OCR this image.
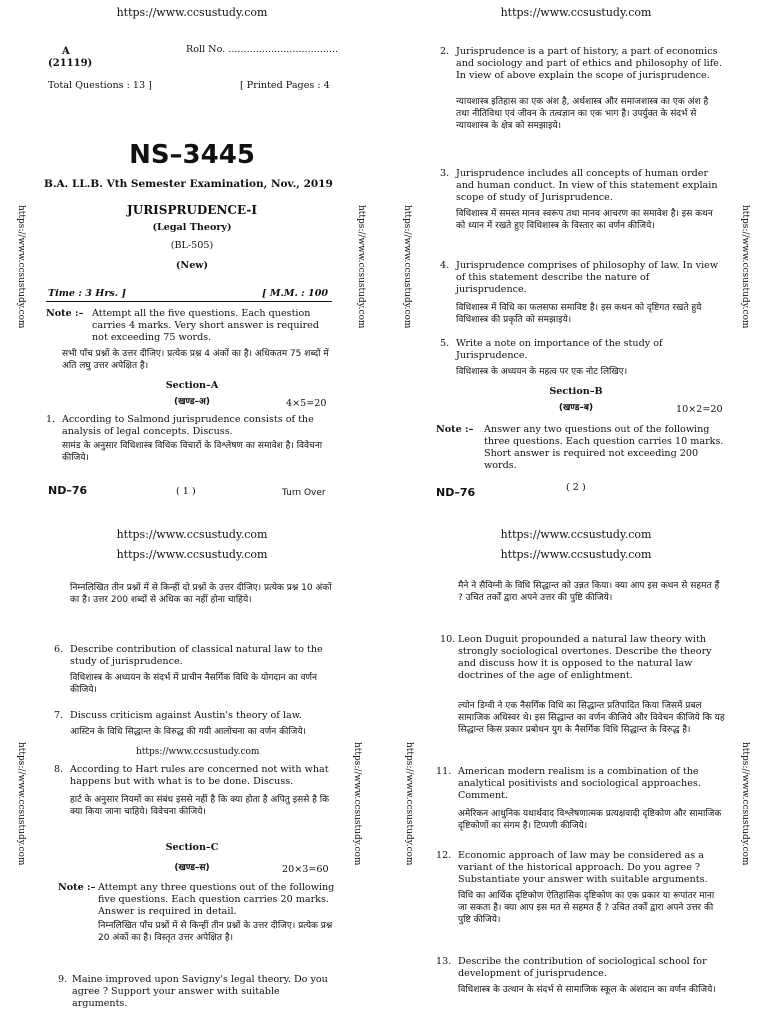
https://www.ccsustudy.com
https://www.ccsustudy.com	https://www.ccsustudy.com
A
(21119)
Roll No. ....................................
Total Questions : 13 ]	[ Printed Pages : 4
NS–3445
B.A. LL.B. Vth Semester Examination, Nov., 2019
JURISPRUDENCE-I
(Legal Theory)
(BL-505)
(New)
Time : 3 Hrs. ]	[ M.M. : 100
Note :– Attempt all the five questions. Each question carries 4 marks. Very short answer is required not exceeding 75 words.
सभी पाँच प्रश्नों के उत्तर दीजिए। प्रत्येक प्रश्न 4 अंकों का है। अधिकतम 75 शब्दों में अति लघु उत्तर अपेक्षित है।
Section–A
(खण्ड–अ)	4×5=20
1. According to Salmond jurisprudence consists of the analysis of legal concepts. Discuss.
सामंड के अनुसार विधिशास्त्र विधिक विचारों के विश्लेषण का समावेश है। विवेचना कीजिये।
ND–76	( 1 )	Turn Over
https://www.ccsustudy.com
https://www.ccsustudy.com	https://www.ccsustudy.com
2. Jurisprudence is a part of history, a part of economics and sociology and part of ethics and philosophy of life. In view of above explain the scope of jurisprudence.
न्यायशास्त्र इतिहास का एक अंश है, अर्थशास्त्र और समाजशास्त्र का एक अंश है तथा नीतिविधा एवं जीवन के तत्वज्ञान का एक भाग है। उपर्युक्त के संदर्भ से न्यायशास्त्र के क्षेत्र को समझाइये।
3. Jurisprudence includes all concepts of human order and human conduct. In view of this statement explain scope of study of Jurisprudence.
विधिशास्त्र में समस्त मानव स्वरूप तथा मानव आचरण का समावेश है। इस कथन को ध्यान में रखते हुए विधिशास्त्र के विस्तार का वर्णन कीजिये।
4. Jurisprudence comprises of philosophy of law. In view of this statement describe the nature of jurisprudence.
विधिशास्त्र में विधि का फलसफा समाविष्ट है। इस कथन को दृष्टिगत रखते हुये विधिशास्त्र की प्रकृति को समझाइये।
5. Write a note on importance of the study of Jurisprudence.
विधिशास्त्र के अध्ययन के महत्व पर एक नोट लिखिए।
Section–B
(खण्ड–ब)	10×2=20
Note :– Answer any two questions out of the following three questions. Each question carries 10 marks. Short answer is required not exceeding 200 words.
ND–76	( 2 )
https://www.ccsustudy.com
https://www.ccsustudy.com
https://www.ccsustudy.com	https://www.ccsustudy.com
निम्नलिखित तीन प्रश्नों में से किन्हीं दो प्रश्नों के उत्तर दीजिए। प्रत्येक प्रश्न 10 अंकों का है। उत्तर 200 शब्दों से अधिक का नहीं होना चाहिये।
6. Describe contribution of classical natural law to the study of jurisprudence.
विधिशास्त्र के अध्ययन के संदर्भ में प्राचीन नैसर्गिक विधि के योगदान का वर्णन कीजिये।
7. Discuss criticism against Austin's theory of law.
आस्टिन के विधि सिद्धान्त के विरुद्ध की गयी आलोचना का वर्णन कीजिये।
https://www.ccsustudy.com
8. According to Hart rules are concerned not with what happens but with what is to be done. Discuss.
हार्ट के अनुसार नियमों का संबंध इससे नहीं है कि क्या होता है अपितु इससे है कि क्या किया जाना चाहिये। विवेचना कीजिये।
Section–C
(खण्ड–स)	20×3=60
Note :– Attempt any three questions out of the following five questions. Each question carries 20 marks. Answer is required in detail.
निम्नलिखित पाँच प्रश्नों में से किन्हीं तीन प्रश्नों के उत्तर दीजिए। प्रत्येक प्रश्न 20 अंकों का है। विस्तृत उत्तर अपेक्षित है।
9. Maine improved upon Savigny's legal theory. Do you agree ? Support your answer with suitable arguments.
https://www.ccsustudy.com
https://www.ccsustudy.com
https://www.ccsustudy.com	https://www.ccsustudy.com
मैने ने सैविग्नी के विधि सिद्धान्त को उन्नत किया। क्या आप इस कथन से सहमत हैं ? उचित तर्कों द्वारा अपने उत्तर की पुष्टि कीजिये।
10. Leon Duguit propounded a natural law theory with strongly sociological overtones. Describe the theory and discuss how it is opposed to the natural law doctrines of the age of enlightment.
ल्योन डिग्वी ने एक नैसर्गिक विधि का सिद्धान्त प्रतिपादित किया जिसमें प्रबल सामाजिक अधिस्वर थे। इस सिद्धान्त का वर्णन कीजिये और विवेचन कीजिये कि यह सिद्धान्त किस प्रकार प्रबोधन युग के नैसर्गिक विधि सिद्धान्त के विरुद्ध है।
11. American modern realism is a combination of the analytical positivists and sociological approaches. Comment.
अमेरिकन आधुनिक यथार्थवाद विश्लेषणात्मक प्रत्यक्षवादी दृष्टिकोण और सामाजिक दृष्टिकोणों का संगम है। टिप्पणी कीजिये।
12. Economic approach of law may be considered as a variant of the historical approach. Do you agree ? Substantiate your answer with suitable arguments.
विधि का आर्थिक दृष्टिकोण ऐतिहासिक दृष्टिकोण का एक प्रकार या रूपांतर माना जा सकता है। क्या आप इस मत से सहमत हैं ? उचित तर्कों द्वारा अपने उत्तर की पुष्टि कीजिये।
13. Describe the contribution of sociological school for development of jurisprudence.
विधिशास्त्र के उत्थान के संदर्भ से सामाजिक स्कूल के अंशदान का वर्णन कीजिये।
